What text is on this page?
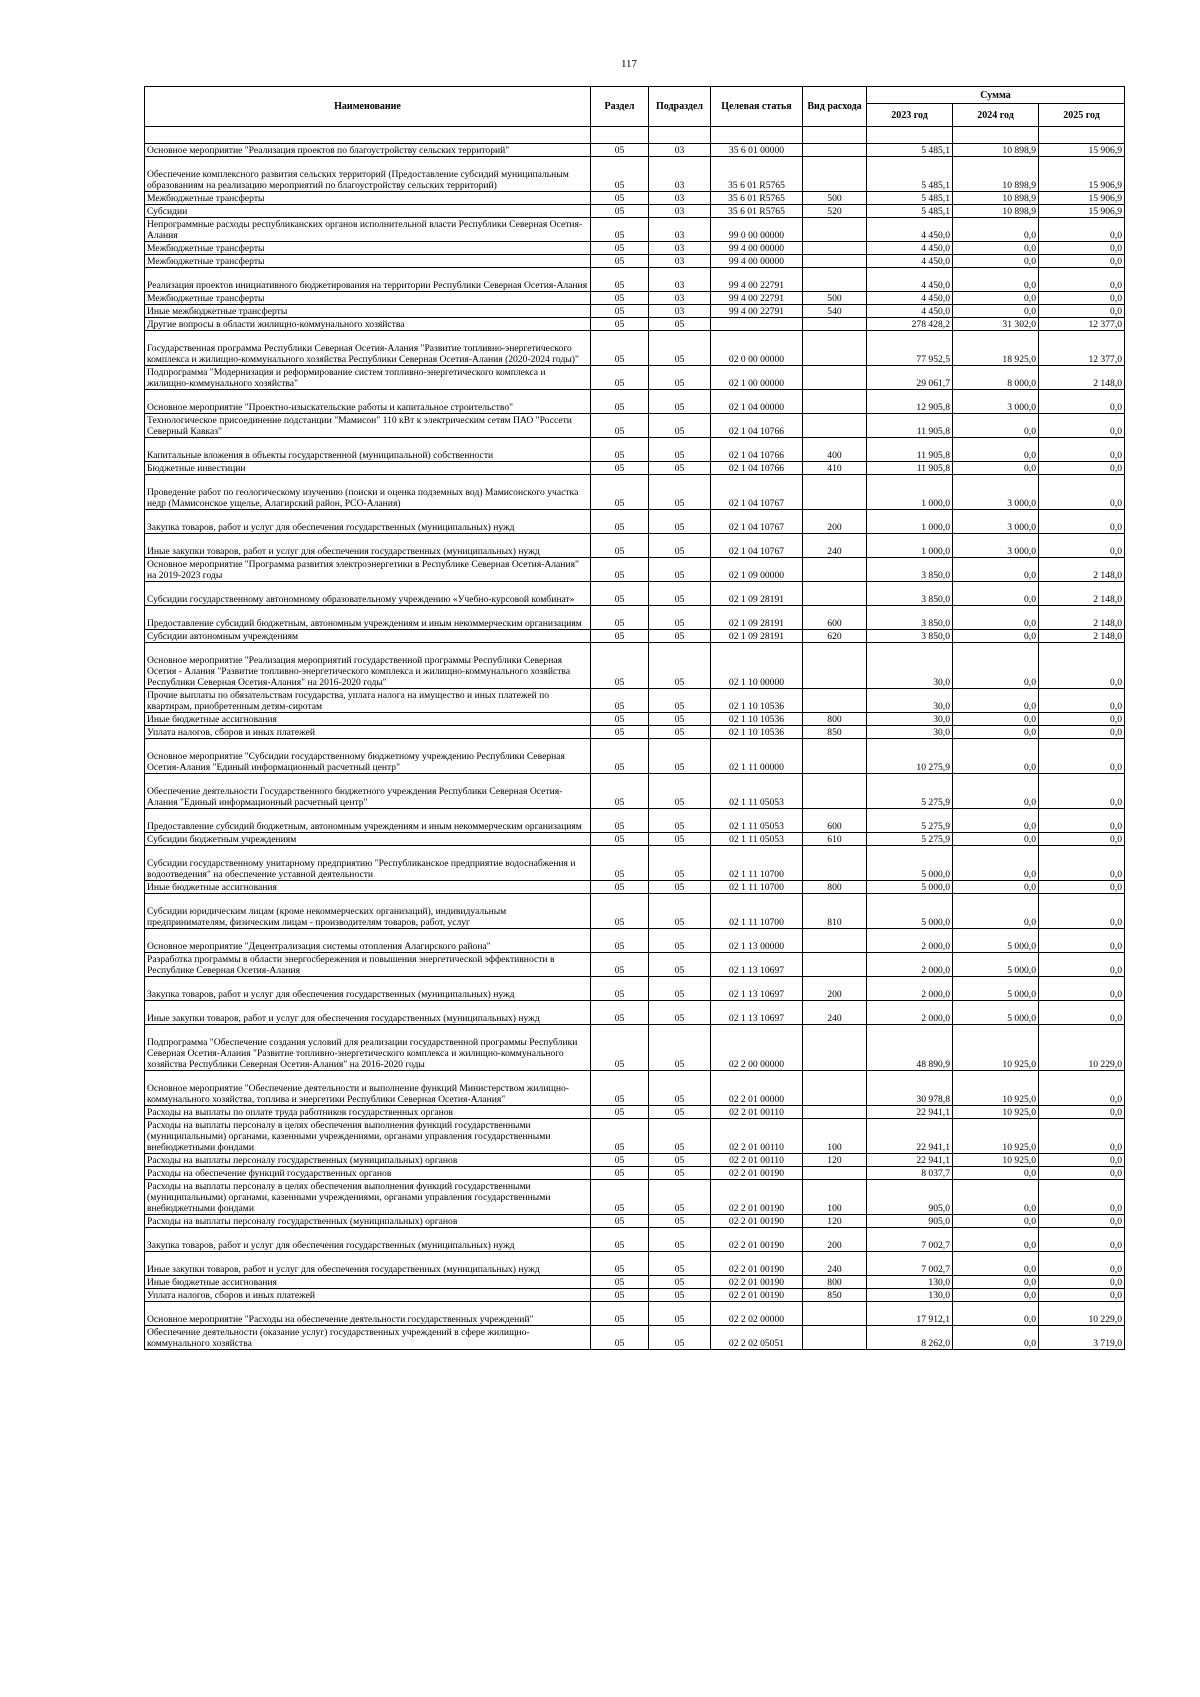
117
Наименование	Раздел	Подраздел	Целевая статья	Вид расхода	Сумма		
					2023 год	2024 год	2025 год

Основное мероприятие "Реализация проектов по благоустройству сельских территорий"	05	03	35 6 01 00000		5 485,1	10 898,9	15 906,9
Обеспечение комплексного развития сельских территорий (Предоставление субсидий муниципальным образованиям на реализацию мероприятий по благоустройству сельских территорий)	05	03	35 6 01 R5765		5 485,1	10 898,9	15 906,9
Межбюджетные трансферты	05	03	35 6 01 R5765	500	5 485,1	10 898,9	15 906,9
Субсидии	05	03	35 6 01 R5765	520	5 485,1	10 898,9	15 906,9
Непрограммные расходы республиканских органов исполнительной власти Республики Северная Осетия-Алания	05	03	99 0 00 00000		4 450,0	0,0	0,0
Межбюджетные трансферты	05	03	99 4 00 00000		4 450,0	0,0	0,0
Межбюджетные трансферты	05	03	99 4 00 00000		4 450,0	0,0	0,0
Реализация проектов инициативного бюджетирования на территории Республики Северная Осетия-Алания	05	03	99 4 00 22791		4 450,0	0,0	0,0
Межбюджетные трансферты	05	03	99 4 00 22791	500	4 450,0	0,0	0,0
Иные межбюджетные трансферты	05	03	99 4 00 22791	540	4 450,0	0,0	0,0
Другие вопросы в области жилищно-коммунального хозяйства	05	05			278 428,2	31 302,0	12 377,0
Государственная программа Республики Северная Осетия-Алания "Развитие топливно-энергетического комплекса и жилищно-коммунального хозяйства Республики Северная Осетия-Алания (2020-2024 годы)"	05	05	02 0 00 00000		77 952,5	18 925,0	12 377,0
Подпрограмма "Модернизация и реформирование систем топливно-энергетического комплекса и жилищно-коммунального хозяйства"	05	05	02 1 00 00000		29 061,7	8 000,0	2 148,0
Основное мероприятие "Проектно-изыскательские работы и капитальное строительство"	05	05	02 1 04 00000		12 905,8	3 000,0	0,0
Технологическое присоединение подстанции "Мамисон" 110 кВт к электрическим сетям ПАО "Россети Северный Кавказ"	05	05	02 1 04 10766		11 905,8	0,0	0,0
Капитальные вложения в объекты государственной (муниципальной) собственности	05	05	02 1 04 10766	400	11 905,8	0,0	0,0
Бюджетные инвестиции	05	05	02 1 04 10766	410	11 905,8	0,0	0,0
Проведение работ по геологическому изучению (поиски и оценка подземных вод) Мамисонского участка недр (Мамисонское ущелье, Алагирский район, РСО-Алания)	05	05	02 1 04 10767		1 000,0	3 000,0	0,0
Закупка товаров, работ и услуг для обеспечения государственных (муниципальных) нужд	05	05	02 1 04 10767	200	1 000,0	3 000,0	0,0
Иные закупки товаров, работ и услуг для обеспечения государственных (муниципальных) нужд	05	05	02 1 04 10767	240	1 000,0	3 000,0	0,0
Основное мероприятие "Программа развития электроэнергетики в Республике Северная Осетия-Алания" на 2019-2023 годы	05	05	02 1 09 00000		3 850,0	0,0	2 148,0
Субсидии государственному автономному образовательному учреждению «Учебно-курсовой комбинат»	05	05	02 1 09 28191		3 850,0	0,0	2 148,0
Предоставление субсидий бюджетным, автономным учреждениям и иным некоммерческим организациям	05	05	02 1 09 28191	600	3 850,0	0,0	2 148,0
Субсидии автономным учреждениям	05	05	02 1 09 28191	620	3 850,0	0,0	2 148,0
Основное мероприятие "Реализация мероприятий государственной программы Республики Северная Осетия - Алания "Развитие топливно-энергетического комплекса и жилищно-коммунального хозяйства Республики Северная Осетия-Алания" на 2016-2020 годы"	05	05	02 1 10 00000		30,0	0,0	0,0
Прочие выплаты по обязательствам государства, уплата налога на имущество и иных платежей по квартирам, приобретенным детям-сиротам	05	05	02 1 10 10536		30,0	0,0	0,0
Иные бюджетные ассигнования	05	05	02 1 10 10536	800	30,0	0,0	0,0
Уплата налогов, сборов и иных платежей	05	05	02 1 10 10536	850	30,0	0,0	0,0
Основное мероприятие "Субсидии государственному бюджетному учреждению Республики Северная Осетия-Алания "Единый информационный расчетный центр"	05	05	02 1 11 00000		10 275,9	0,0	0,0
Обеспечение деятельности Государственного бюджетного учреждения Республики Северная Осетия-Алания "Единый информационный расчетный центр"	05	05	02 1 11 05053		5 275,9	0,0	0,0
Предоставление субсидий бюджетным, автономным учреждениям и иным некоммерческим организациям	05	05	02 1 11 05053	600	5 275,9	0,0	0,0
Субсидии бюджетным учреждениям	05	05	02 1 11 05053	610	5 275,9	0,0	0,0
Субсидии государственному унитарному предприятию "Республиканское предприятие водоснабжения и водоотведения" на обеспечение уставной деятельности	05	05	02 1 11 10700		5 000,0	0,0	0,0
Иные бюджетные ассигнования	05	05	02 1 11 10700	800	5 000,0	0,0	0,0
Субсидии юридическим лицам (кроме некоммерческих организаций), индивидуальным предпринимателям, физическим лицам - производителям товаров, работ, услуг	05	05	02 1 11 10700	810	5 000,0	0,0	0,0
Основное мероприятие "Децентрализация системы отопления Алагирского района"	05	05	02 1 13 00000		2 000,0	5 000,0	0,0
Разработка программы в области энергосбережения и повышения энергетической эффективности в Республике Северная Осетия-Алания	05	05	02 1 13 10697		2 000,0	5 000,0	0,0
Закупка товаров, работ и услуг для обеспечения государственных (муниципальных) нужд	05	05	02 1 13 10697	200	2 000,0	5 000,0	0,0
Иные закупки товаров, работ и услуг для обеспечения государственных (муниципальных) нужд	05	05	02 1 13 10697	240	2 000,0	5 000,0	0,0
Подпрограмма "Обеспечение создания условий для реализации государственной программы Республики Северная Осетия-Алания "Развитие топливно-энергетического комплекса и жилищно-коммунального хозяйства Республики Северная Осетия-Алания" на 2016-2020 годы	05	05	02 2 00 00000		48 890,9	10 925,0	10 229,0
Основное мероприятие "Обеспечение деятельности и выполнение функций Министерством жилищно-коммунального хозяйства, топлива и энергетики Республики Северная Осетия-Алания"	05	05	02 2 01 00000		30 978,8	10 925,0	0,0
Расходы на выплаты по оплате труда работников государственных органов	05	05	02 2 01 00110		22 941,1	10 925,0	0,0
Расходы на выплаты персоналу в целях обеспечения выполнения функций государственными (муниципальными) органами, казенными учреждениями, органами управления государственными внебюджетными фондами	05	05	02 2 01 00110	100	22 941,1	10 925,0	0,0
Расходы на выплаты персоналу государственных (муниципальных) органов	05	05	02 2 01 00110	120	22 941,1	10 925,0	0,0
Расходы на обеспечение функций государственных органов	05	05	02 2 01 00190		8 037,7	0,0	0,0
Расходы на выплаты персоналу в целях обеспечения выполнения функций государственными (муниципальными) органами, казенными учреждениями, органами управления государственными внебюджетными фондами	05	05	02 2 01 00190	100	905,0	0,0	0,0
Расходы на выплаты персоналу государственных (муниципальных) органов	05	05	02 2 01 00190	120	905,0	0,0	0,0
Закупка товаров, работ и услуг для обеспечения государственных (муниципальных) нужд	05	05	02 2 01 00190	200	7 002,7	0,0	0,0
Иные закупки товаров, работ и услуг для обеспечения государственных (муниципальных) нужд	05	05	02 2 01 00190	240	7 002,7	0,0	0,0
Иные бюджетные ассигнования	05	05	02 2 01 00190	800	130,0	0,0	0,0
Уплата налогов, сборов и иных платежей	05	05	02 2 01 00190	850	130,0	0,0	0,0
Основное мероприятие "Расходы на обеспечение деятельности государственных учреждений"	05	05	02 2 02 00000		17 912,1	0,0	10 229,0
Обеспечение деятельности (оказание услуг) государственных учреждений в сфере жилищно-коммунального хозяйства	05	05	02 2 02 05051		8 262,0	0,0	3 719,0
